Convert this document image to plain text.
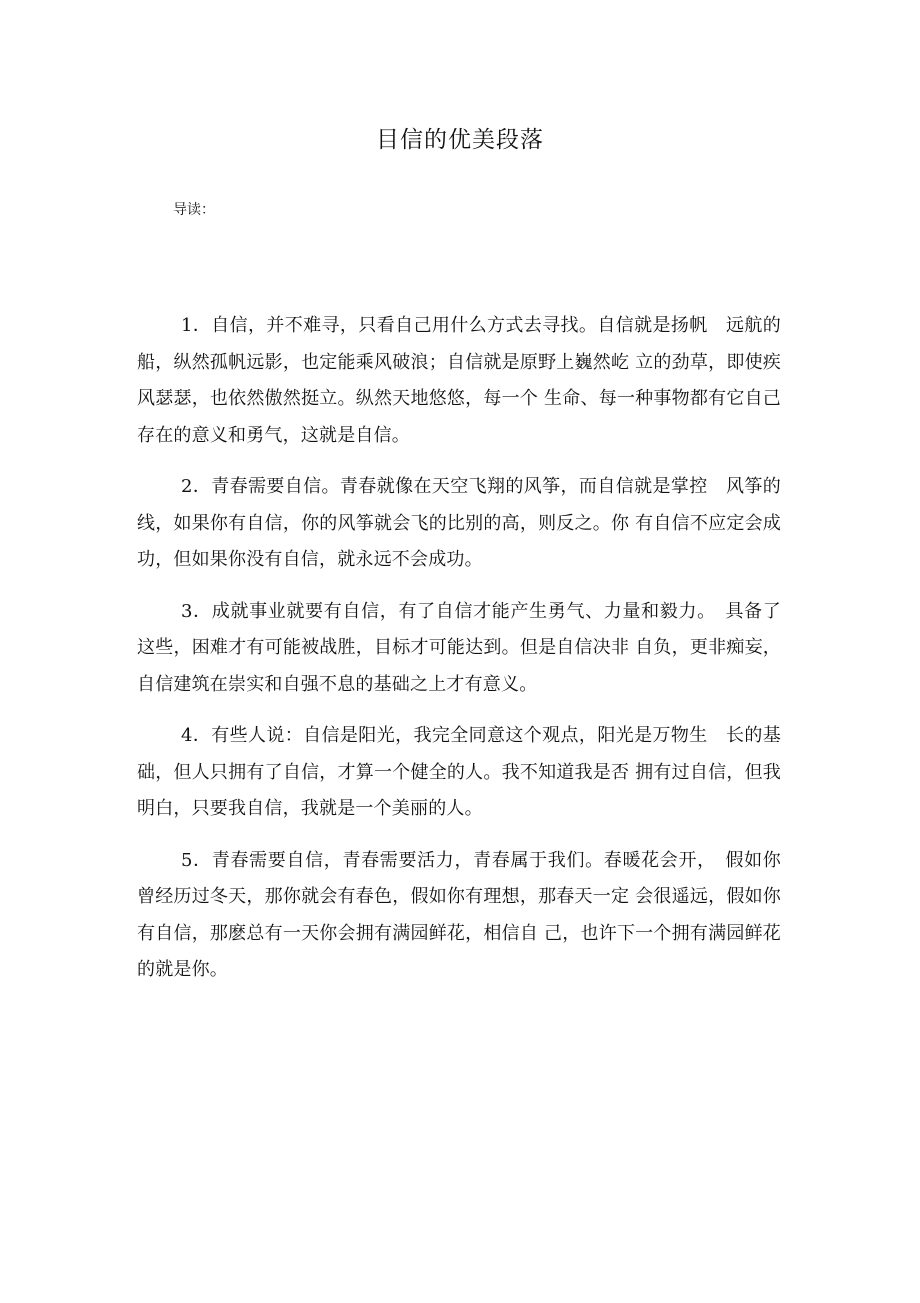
目信的优美段落

导读：

1．自信，并不难寻，只看自己用什么方式去寻找。自信就是扬帆　远航的船，纵然孤帆远影，也定能乘风破浪；自信就是原野上巍然屹 立的劲草，即使疾风瑟瑟，也依然傲然挺立。纵然天地悠悠，每一个 生命、每一种事物都有它自己存在的意义和勇气，这就是自信。

2．青春需要自信。青春就像在天空飞翔的风筝，而自信就是掌控　风筝的线，如果你有自信，你的风筝就会飞的比别的高，则反之。你 有自信不应定会成功，但如果你没有自信，就永远不会成功。

3．成就事业就要有自信，有了自信才能产生勇气、力量和毅力。　具备了这些，困难才有可能被战胜，目标才可能达到。但是自信决非 自负，更非痴妄，自信建筑在崇实和自强不息的基础之上才有意义。

4．有些人说：自信是阳光，我完全同意这个观点，阳光是万物生　长的基础，但人只拥有了自信，才算一个健全的人。我不知道我是否 拥有过自信，但我明白，只要我自信，我就是一个美丽的人。

5．青春需要自信，青春需要活力，青春属于我们。春暖花会开，　假如你曾经历过冬天，那你就会有春色，假如你有理想，那春天一定 会很遥远，假如你有自信，那麽总有一天你会拥有满园鲜花，相信自 己，也许下一个拥有满园鲜花的就是你。
